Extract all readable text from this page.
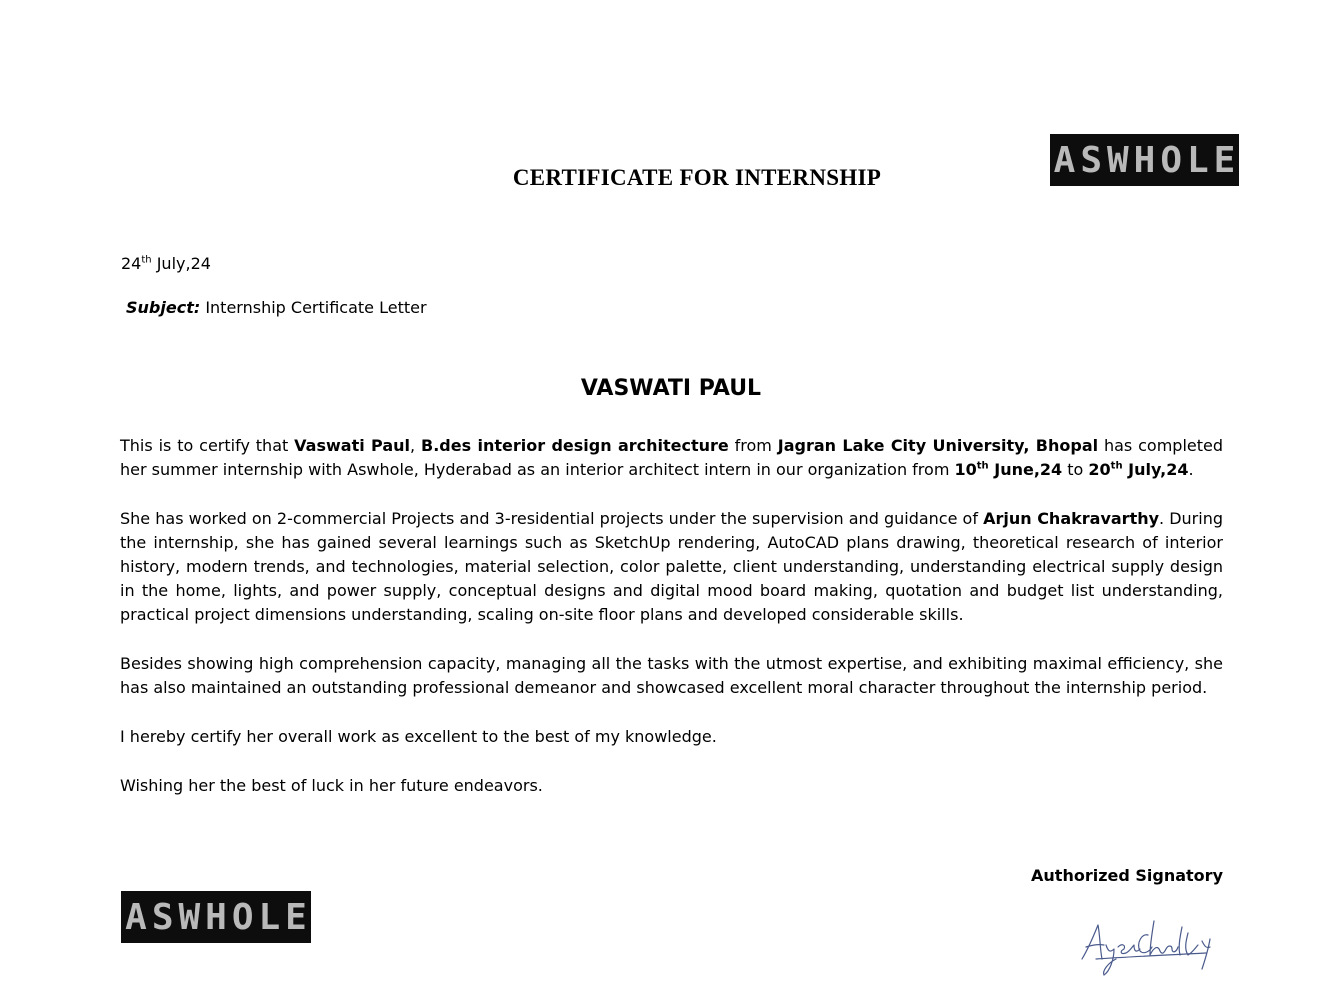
ASWHOLE
CERTIFICATE FOR INTERNSHIP
24th July,24
Subject: Internship Certificate Letter
VASWATI PAUL

This is to certify that Vaswati Paul, B.des interior design architecture from Jagran Lake City University, Bhopal has completed her summer internship with Aswhole, Hyderabad as an interior architect intern in our organization from 10th June,24 to 20th July,24.

She has worked on 2-commercial Projects and 3-residential projects under the supervision and guidance of Arjun Chakravarthy. During the internship, she has gained several learnings such as SketchUp rendering, AutoCAD plans drawing, theoretical research of interior history, modern trends, and technologies, material selection, color palette, client understanding, understanding electrical supply design in the home, lights, and power supply, conceptual designs and digital mood board making, quotation and budget list understanding, practical project dimensions understanding, scaling on-site floor plans and developed considerable skills.

Besides showing high comprehension capacity, managing all the tasks with the utmost expertise, and exhibiting maximal efficiency, she has also maintained an outstanding professional demeanor and showcased excellent moral character throughout the internship period.

I hereby certify her overall work as excellent to the best of my knowledge.

Wishing her the best of luck in her future endeavors.

ASWHOLE
Authorized Signatory
